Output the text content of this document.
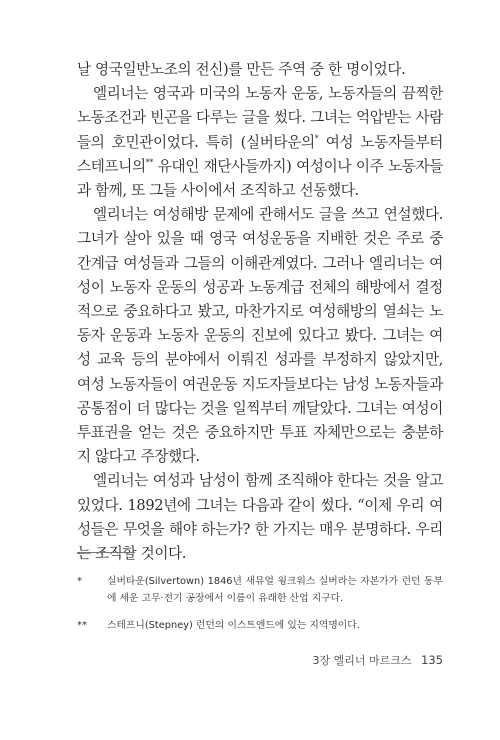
날 영국일반노조의 전신)를 만든 주역 중 한 명이었다.

엘리너는 영국과 미국의 노동자 운동, 노동자들의 끔찍한 노동조건과 빈곤을 다루는 글을 썼다. 그녀는 억압받는 사람들의 호민관이었다. 특히 (실버타운의* 여성 노동자들부터 스테프니의** 유대인 재단사들까지) 여성이나 이주 노동자들과 함께, 또 그들 사이에서 조직하고 선동했다.

엘리너는 여성해방 문제에 관해서도 글을 쓰고 연설했다. 그녀가 살아 있을 때 영국 여성운동을 지배한 것은 주로 중간계급 여성들과 그들의 이해관계였다. 그러나 엘리너는 여성이 노동자 운동의 성공과 노동계급 전체의 해방에서 결정적으로 중요하다고 봤고, 마찬가지로 여성해방의 열쇠는 노동자 운동과 노동자 운동의 진보에 있다고 봤다. 그녀는 여성 교육 등의 분야에서 이뤄진 성과를 부정하지 않았지만, 여성 노동자들이 여권운동 지도자들보다는 남성 노동자들과 공통점이 더 많다는 것을 일찍부터 깨달았다. 그녀는 여성이 투표권을 얻는 것은 중요하지만 투표 자체만으로는 충분하지 않다고 주장했다.

엘리너는 여성과 남성이 함께 조직해야 한다는 것을 알고 있었다. 1892년에 그녀는 다음과 같이 썼다. “이제 우리 여성들은 무엇을 해야 하는가? 한 가지는 매우 분명하다. 우리는 조직할 것이다.

*	실버타운(Silvertown) 1846년 새뮤얼 윙크워스 실버라는 자본가가 런던 동부에 세운 고무·전기 공장에서 이름이 유래한 산업 지구다.
** 스테프니(Stepney) 런던의 이스트엔드에 있는 지역명이다.
3장 엘리너 마르크스 135
